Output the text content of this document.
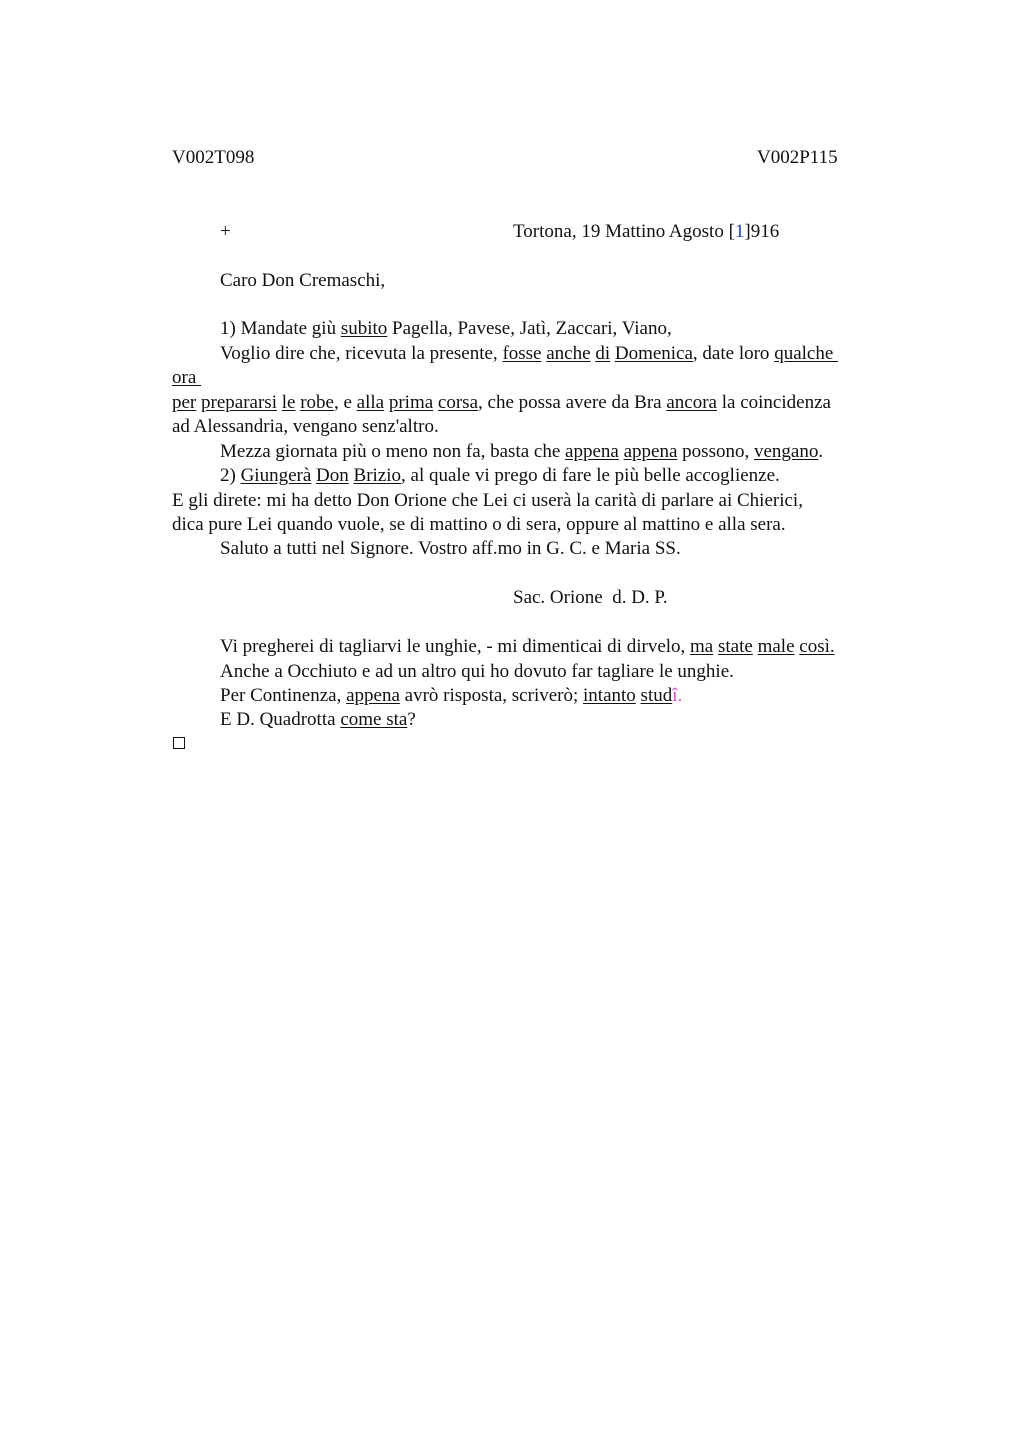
V002T098	V002P115
+	Tortona, 19 Mattino Agosto [1]916
Caro Don Cremaschi,
1) Mandate giù subito Pagella, Pavese, Jatì, Zaccari, Viano,
Voglio dire che, ricevuta la presente, fosse anche di Domenica, date loro qualche
ora
per prepararsi le robe, e alla prima corsa, che possa avere da Bra ancora la coincidenza
ad Alessandria, vengano senz'altro.
Mezza giornata più o meno non fa, basta che appena appena possono, vengano.
2) Giungerà Don Brizio, al quale vi prego di fare le più belle accoglienze.
E gli direte: mi ha detto Don Orione che Lei ci userà la carità di parlare ai Chierici,
dica pure Lei quando vuole, se di mattino o di sera, oppure al mattino e alla sera.
Saluto a tutti nel Signore. Vostro aff.mo in G. C. e Maria SS.
Sac. Orione  d. D. P.
Vi pregherei di tagliarvi le unghie, - mi dimenticai di dirvelo, ma state male così.
Anche a Occhiuto e ad un altro qui ho dovuto far tagliare le unghie.
Per Continenza, appena avrò risposta, scriverò; intanto studî.
E D. Quadrotta come sta?
